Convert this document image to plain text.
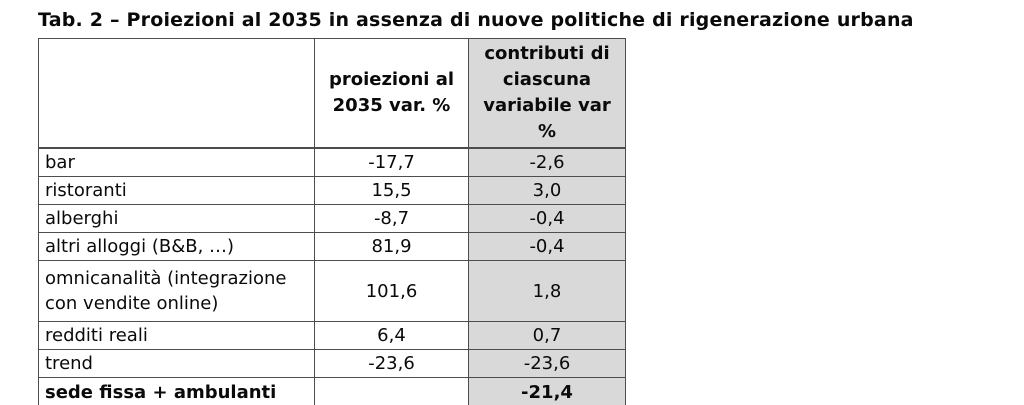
Tab. 2 – Proiezioni al 2035 in assenza di nuove politiche di rigenerazione urbana
	proiezioni al 2035 var. %	contributi di ciascuna variabile var %
bar	-17,7	-2,6
ristoranti	15,5	3,0
alberghi	-8,7	-0,4
altri alloggi (B&B, …)	81,9	-0,4
omnicanalità (integrazione con vendite online)	101,6	1,8
redditi reali	6,4	0,7
trend	-23,6	-23,6
sede fissa + ambulanti		-21,4
